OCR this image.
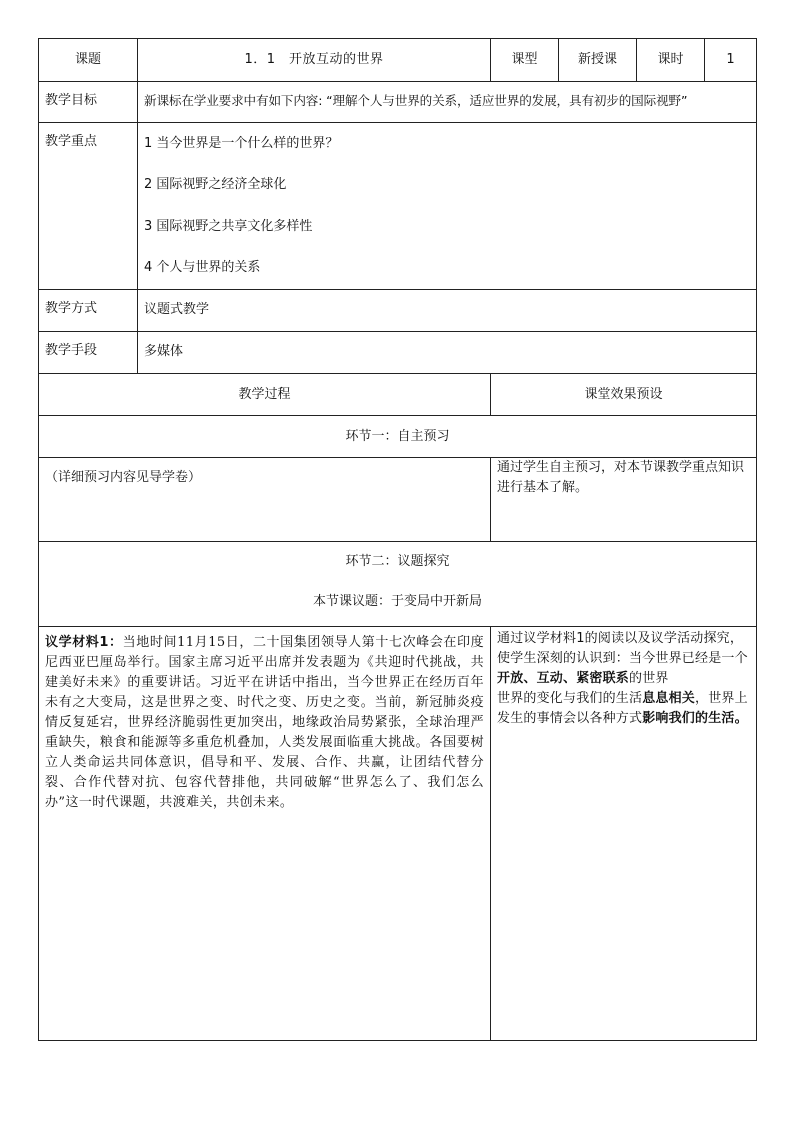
课题	1．1　开放互动的世界	课型	新授课	课时	1
教学目标	新课标在学业要求中有如下内容: “理解个人与世界的关系，适应世界的发展，具有初步的国际视野”				
教学重点	1 当今世界是一个什么样的世界？
2 国际视野之经济全球化
3 国际视野之共享文化多样性
4 个人与世界的关系				

教学方式	议题式教学				
教学手段	多媒体				
教学过程		课堂效果预设			
环节一：自主预习					
（详细预习内容见导学卷）		通过学生自主预习，对本节课教学重点知识进行基本了解。			

环节二：议题探究
本节课议题：于变局中开新局					

议学材料1：当地时间11月15日，二十国集团领导人第十七次峰会在印度尼西亚巴厘岛举行。国家主席习近平出席并发表题为《共迎时代挑战，共建美好未来》的重要讲话。习近平在讲话中指出，当今世界正在经历百年未有之大变局，这是世界之变、时代之变、历史之变。当前，新冠肺炎疫情反复延宕，世界经济脆弱性更加突出，地缘政治局势紧张，全球治理严重缺失，粮食和能源等多重危机叠加，人类发展面临重大挑战。各国要树立人类命运共同体意识，倡导和平、发展、合作、共赢，让团结代替分裂、合作代替对抗、包容代替排他，共同破解“世界怎么了、我们怎么办”这一时代课题，共渡难关，共创未来。		通过议学材料1的阅读以及议学活动探究，使学生深刻的认识到：当今世界已经是一个开放、互动、紧密联系的世界
世界的变化与我们的生活息息相关，世界上发生的事情会以各种方式影响我们的生活。			
